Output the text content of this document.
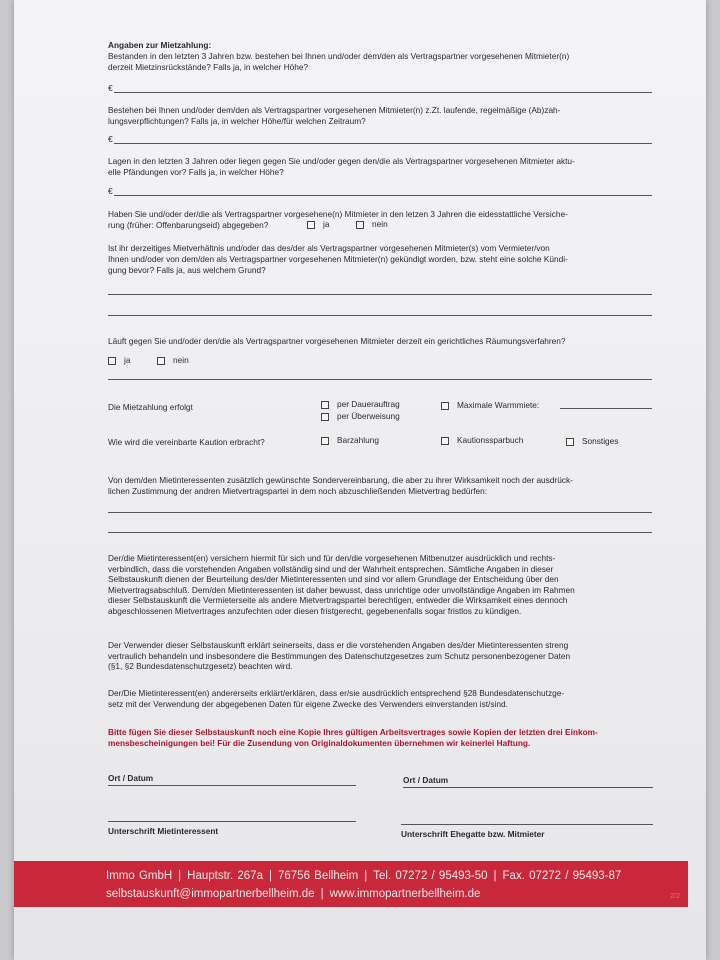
Angaben zur Mietzahlung:
Bestanden in den letzten 3 Jahren bzw. bestehen bei Ihnen und/oder dem/den als Vertragspartner vorgesehenen Mitmieter(n)
derzeit Mietzinsrückstände? Falls ja, in welcher Höhe?
€
Bestehen bei Ihnen und/oder dem/den als Vertragspartner vorgesehenen Mitmieter(n) z.Zt. laufende, regelmäßige (Ab)zah-
lungsverpflichtungen? Falls ja, in welcher Höhe/für welchen Zeitraum?
€
Lagen in den letzten 3 Jahren oder liegen gegen Sie und/oder gegen den/die als Vertragspartner vorgesehenen Mitmieter aktu-
elle Pfändungen vor? Falls ja, in welcher Höhe?
€
Haben Sie und/oder der/die als Vertragspartner vorgesehene(n) Mitmieter in den letzen 3 Jahren die eidesstattliche Versiche-
rung (früher: Offenbarungseid) abgegeben?	ja	nein
Ist ihr derzeitiges Mietverhältnis und/oder das des/der als Vertragspartner vorgesehenen Mitmieter(s) vom Vermieter/von
Ihnen und/oder von dem/den als Vertragspartner vorgesehenen Mitmieter(n) gekündigt worden, bzw. steht eine solche Kündi-
gung bevor? Falls ja, aus welchem Grund?
Läuft gegen Sie und/oder den/die als Vertragspartner vorgesehenen Mitmieter derzeit ein gerichtliches Räumungsverfahren?
ja	nein
Die Mietzahlung erfolgt	per Dauerauftrag
per Überweisung
Maximale Warmmiete:
Wie wird die vereinbarte Kaution erbracht?	Barzahlung	Kautionssparbuch	Sonstiges
Von dem/den Mietinteressenten zusätzlich gewünschte Sondervereinbarung, die aber zu ihrer Wirksamkeit noch der ausdrück-
lichen Zustimmung der andren Mietvertragspartei in dem noch abzuschließenden Mietvertrag bedürfen:
Der/die Mietinteressent(en) versichern hiermit für sich und für den/die vorgesehenen Mitbenutzer ausdrücklich und rechts-
verbindlich, dass die vorstehenden Angaben vollständig sind und der Wahrheit entsprechen. Sämtliche Angaben in dieser
Selbstauskunft dienen der Beurteilung des/der Mietinteressenten und sind vor allem Grundlage der Entscheidung über den
Mietvertragsabschluß. Dem/den Mietinteressenten ist daher bewusst, dass unrichtige oder unvollständige Angaben im Rahmen
dieser Selbstauskunft die Vermieterseite als andere Mietvertragspartei berechtigen, entweder die Wirksamkeit eines dennoch
abgeschlossenen Mietvertrages anzufechten oder diesen fristgerecht, gegebenenfalls sogar fristlos zu kündigen.
Der Verwender dieser Selbstauskunft erklärt seinerseits, dass er die vorstehenden Angaben des/der Mietinteressenten streng
vertraulich behandeln und insbesondere die Bestimmungen des Datenschutzgesetzes zum Schutz personenbezogener Daten
(§1, §2 Bundesdatenschutzgesetz) beachten wird.
Der/Die Mietinteressent(en) andererseits erklärt/erklären, dass er/sie ausdrücklich entsprechend §28 Bundesdatenschutzge-
setz mit der Verwendung der abgegebenen Daten für eigene Zwecke des Verwenders einverstanden ist/sind.
Bitte fügen Sie dieser Selbstauskunft noch eine Kopie Ihres gültigen Arbeitsvertrages sowie Kopien der letzten drei Einkom-
mensbescheinigungen bei! Für die Zusendung von Originaldokumenten übernehmen wir keinerlei Haftung.
Ort / Datum	Ort / Datum
Unterschrift Mietinteressent	Unterschrift Ehegatte bzw. Mitmieter
Immo GmbH | Hauptstr. 267a | 76756 Bellheim | Tel. 07272 / 95493-50 | Fax. 07272 / 95493-87
selbstauskunft@immopartnerbellheim.de | www.immopartnerbellheim.de	2/2
